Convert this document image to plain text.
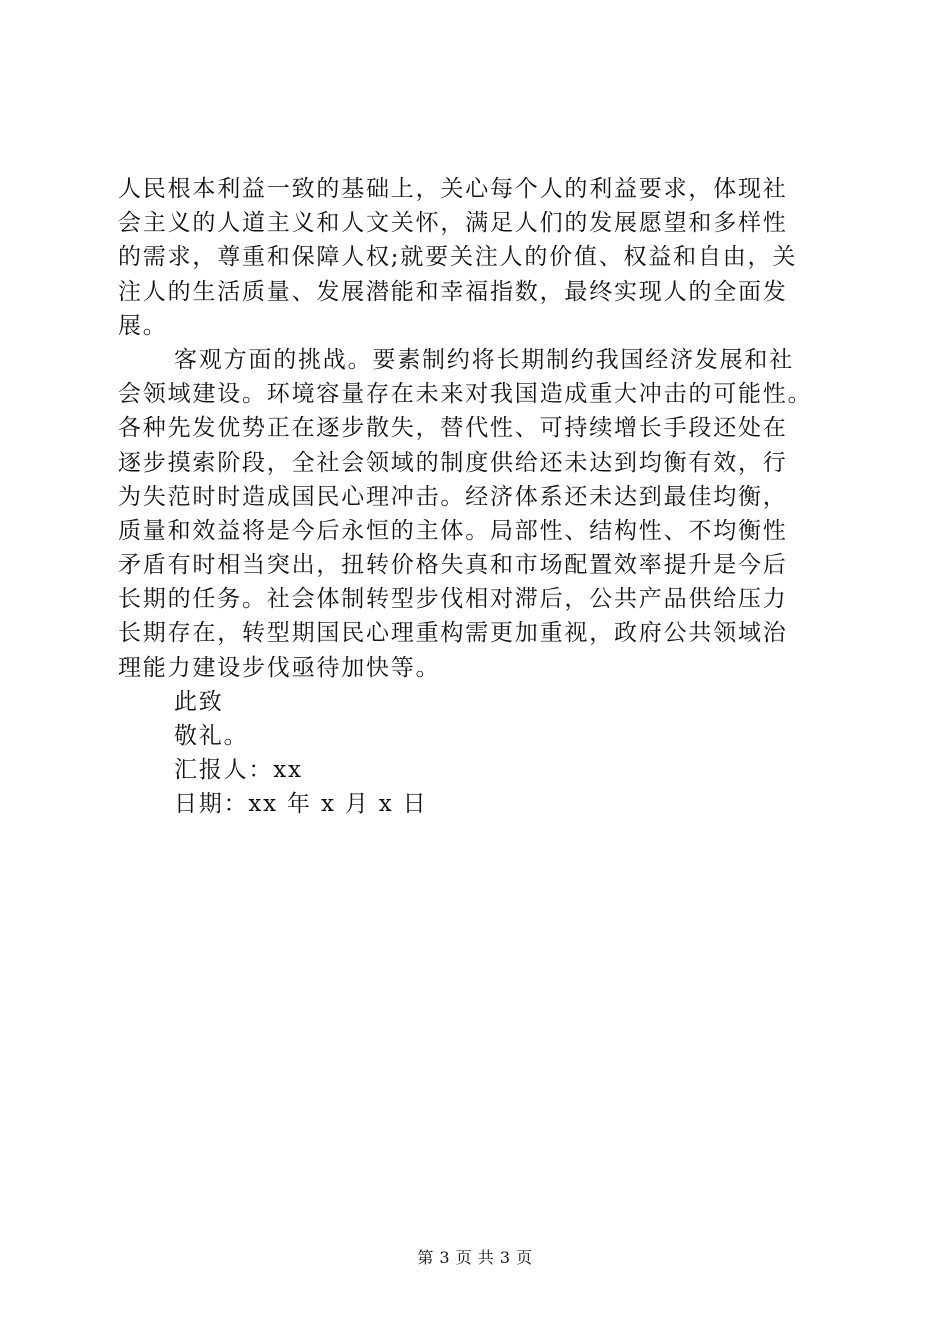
人民根本利益一致的基础上，关心每个人的利益要求，体现社
会主义的人道主义和人文关怀，满足人们的发展愿望和多样性
的需求，尊重和保障人权;就要关注人的价值、权益和自由，关
注人的生活质量、发展潜能和幸福指数，最终实现人的全面发
展。
客观方面的挑战。要素制约将长期制约我国经济发展和社
会领域建设。环境容量存在未来对我国造成重大冲击的可能性。
各种先发优势正在逐步散失，替代性、可持续增长手段还处在
逐步摸索阶段，全社会领域的制度供给还未达到均衡有效，行
为失范时时造成国民心理冲击。经济体系还未达到最佳均衡，
质量和效益将是今后永恒的主体。局部性、结构性、不均衡性
矛盾有时相当突出，扭转价格失真和市场配置效率提升是今后
长期的任务。社会体制转型步伐相对滞后，公共产品供给压力
长期存在，转型期国民心理重构需更加重视，政府公共领域治
理能力建设步伐亟待加快等。
此致
敬礼。
汇报人：xx
日期：xx 年 x 月 x 日
第 3 页 共 3 页
